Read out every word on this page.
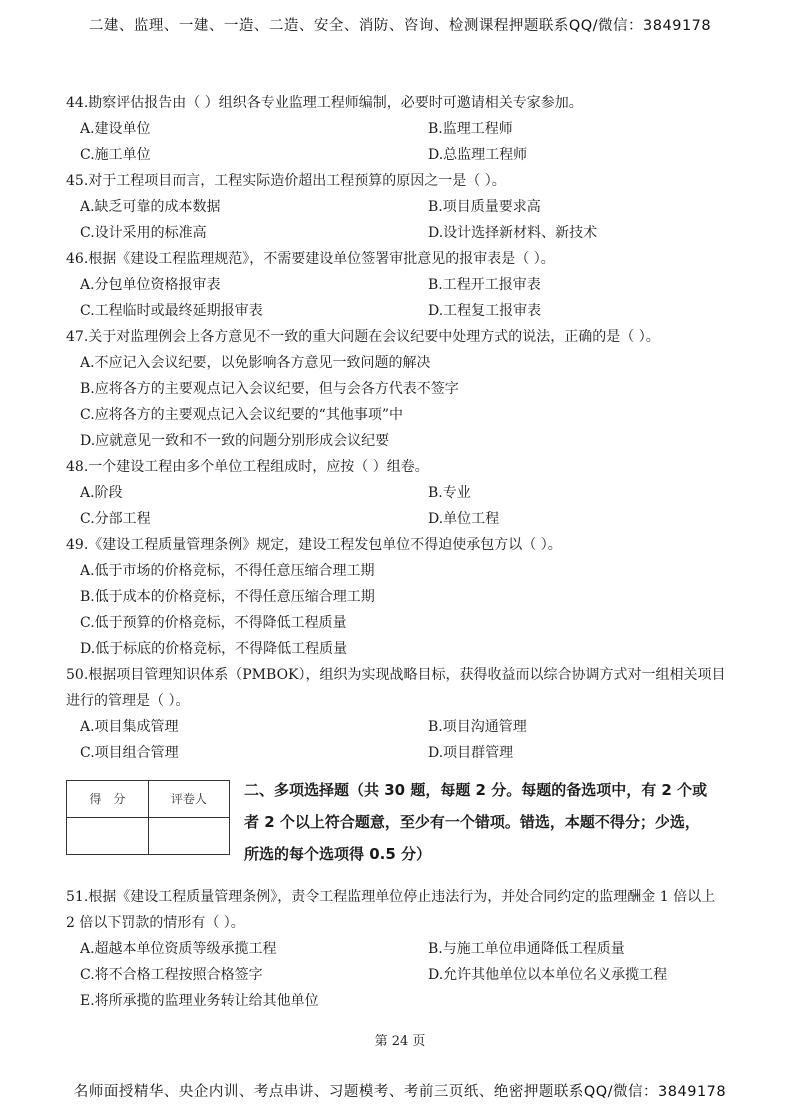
二建、监理、一建、一造、二造、安全、消防、咨询、检测课程押题联系QQ/微信：3849178
44.勘察评估报告由（ ）组织各专业监理工程师编制，必要时可邀请相关专家参加。
A.建设单位	B.监理工程师
C.施工单位	D.总监理工程师
45.对于工程项目而言，工程实际造价超出工程预算的原因之一是（ ）。
A.缺乏可靠的成本数据	B.项目质量要求高
C.设计采用的标准高	D.设计选择新材料、新技术
46.根据《建设工程监理规范》，不需要建设单位签署审批意见的报审表是（ ）。
A.分包单位资格报审表	B.工程开工报审表
C.工程临时或最终延期报审表	D.工程复工报审表
47.关于对监理例会上各方意见不一致的重大问题在会议纪要中处理方式的说法，正确的是（ ）。
A.不应记入会议纪要，以免影响各方意见一致问题的解决
B.应将各方的主要观点记入会议纪要，但与会各方代表不签字
C.应将各方的主要观点记入会议纪要的“其他事项”中
D.应就意见一致和不一致的问题分别形成会议纪要
48.一个建设工程由多个单位工程组成时，应按（ ）组卷。
A.阶段	B.专业
C.分部工程	D.单位工程
49.《建设工程质量管理条例》规定，建设工程发包单位不得迫使承包方以（ ）。
A.低于市场的价格竞标，不得任意压缩合理工期
B.低于成本的价格竞标，不得任意压缩合理工期
C.低于预算的价格竞标，不得降低工程质量
D.低于标底的价格竞标，不得降低工程质量
50.根据项目管理知识体系（PMBOK），组织为实现战略目标，获得收益而以综合协调方式对一组相关项目
进行的管理是（ ）。
A.项目集成管理	B.项目沟通管理
C.项目组合管理	D.项目群管理
得　分	评卷人
	二、多项选择题（共 30 题，每题 2 分。每题的备选项中，有 2 个或
者 2 个以上符合题意，至少有一个错项。错选，本题不得分；少选，
所选的每个选项得 0.5 分）
51.根据《建设工程质量管理条例》，责令工程监理单位停止违法行为，并处合同约定的监理酬金 1 倍以上
2 倍以下罚款的情形有（ ）。
A.超越本单位资质等级承揽工程	B.与施工单位串通降低工程质量
C.将不合格工程按照合格签字	D.允许其他单位以本单位名义承揽工程
E.将所承揽的监理业务转让给其他单位
第 24 页
名师面授精华、央企内训、考点串讲、习题模考、考前三页纸、绝密押题联系QQ/微信：3849178
